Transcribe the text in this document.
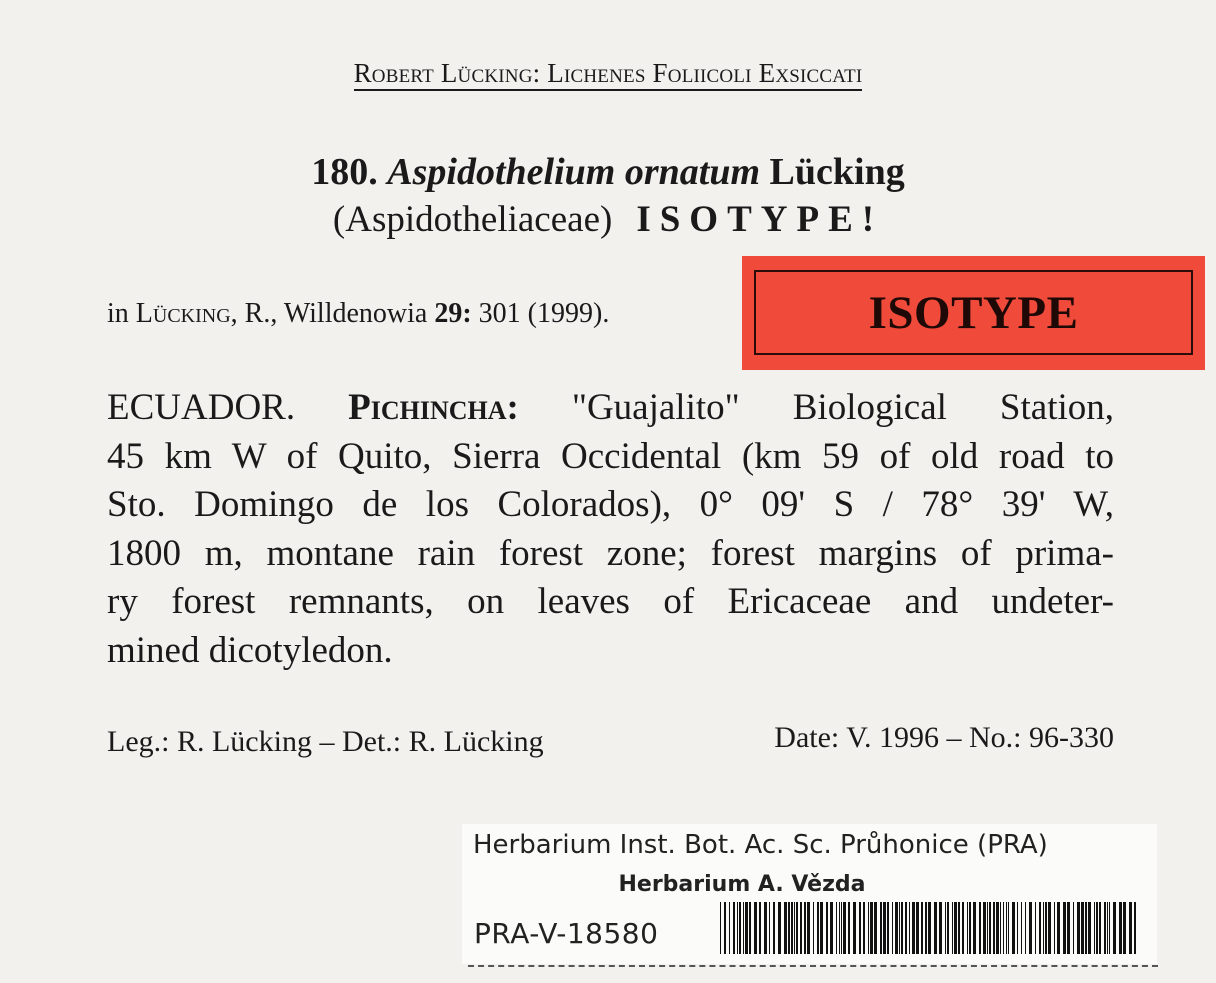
Robert Lücking: Lichenes Foliicoli Exsiccati
180. Aspidothelium ornatum Lücking
(Aspidotheliaceae) ISOTYPE!
in Lücking, R., Willdenowia 29: 301 (1999).	ISOTYPE
ECUADOR. Pichincha: "Guajalito" Biological Station,
45 km W of Quito, Sierra Occidental (km 59 of old road to
Sto. Domingo de los Colorados), 0° 09' S / 78° 39' W,
1800 m, montane rain forest zone; forest margins of prima-
ry forest remnants, on leaves of Ericaceae and undeter-
mined dicotyledon.
Leg.: R. Lücking – Det.: R. Lücking	Date: V. 1996 – No.: 96-330
Herbarium Inst. Bot. Ac. Sc. Průhonice (PRA)
Herbarium A. Vězda
PRA-V-18580
